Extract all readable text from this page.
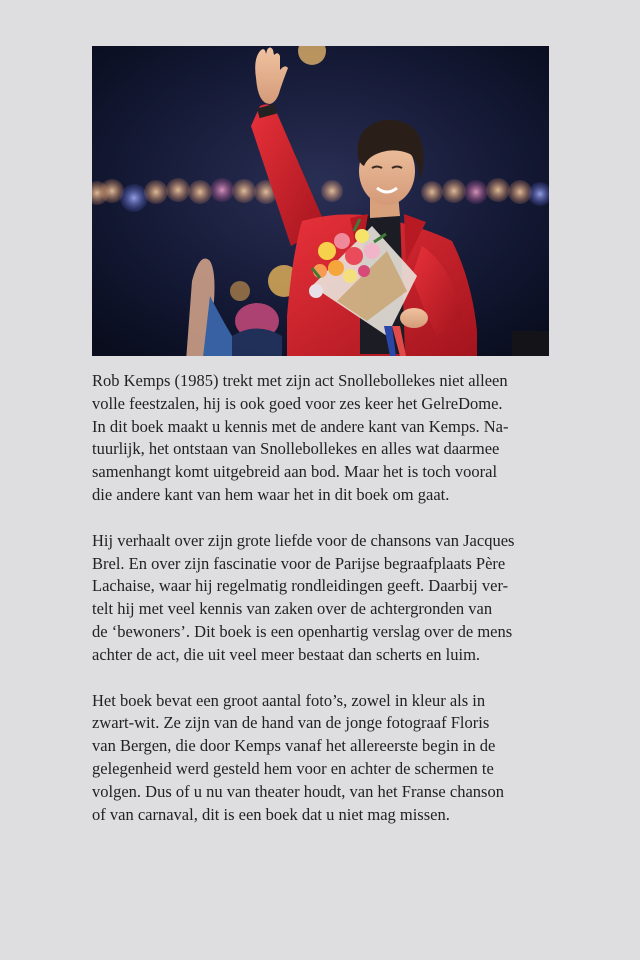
Rob Kemps (1985) trekt met zijn act Snollebollekes niet alleen
volle feestzalen, hij is ook goed voor zes keer het GelreDome.
In dit boek maakt u kennis met de andere kant van Kemps. Na-
tuurlijk, het ontstaan van Snollebollekes en alles wat daarmee
samenhangt komt uitgebreid aan bod. Maar het is toch vooral
die andere kant van hem waar het in dit boek om gaat.

Hij verhaalt over zijn grote liefde voor de chansons van Jacques
Brel. En over zijn fascinatie voor de Parijse begraafplaats Père
Lachaise, waar hij regelmatig rondleidingen geeft. Daarbij ver-
telt hij met veel kennis van zaken over de achtergronden van
de ‘bewoners’. Dit boek is een openhartig verslag over de mens
achter de act, die uit veel meer bestaat dan scherts en luim.

Het boek bevat een groot aantal foto’s, zowel in kleur als in
zwart-wit. Ze zijn van de hand van de jonge fotograaf Floris
van Bergen, die door Kemps vanaf het allereerste begin in de
gelegenheid werd gesteld hem voor en achter de schermen te
volgen. Dus of u nu van theater houdt, van het Franse chanson
of van carnaval, dit is een boek dat u niet mag missen.
